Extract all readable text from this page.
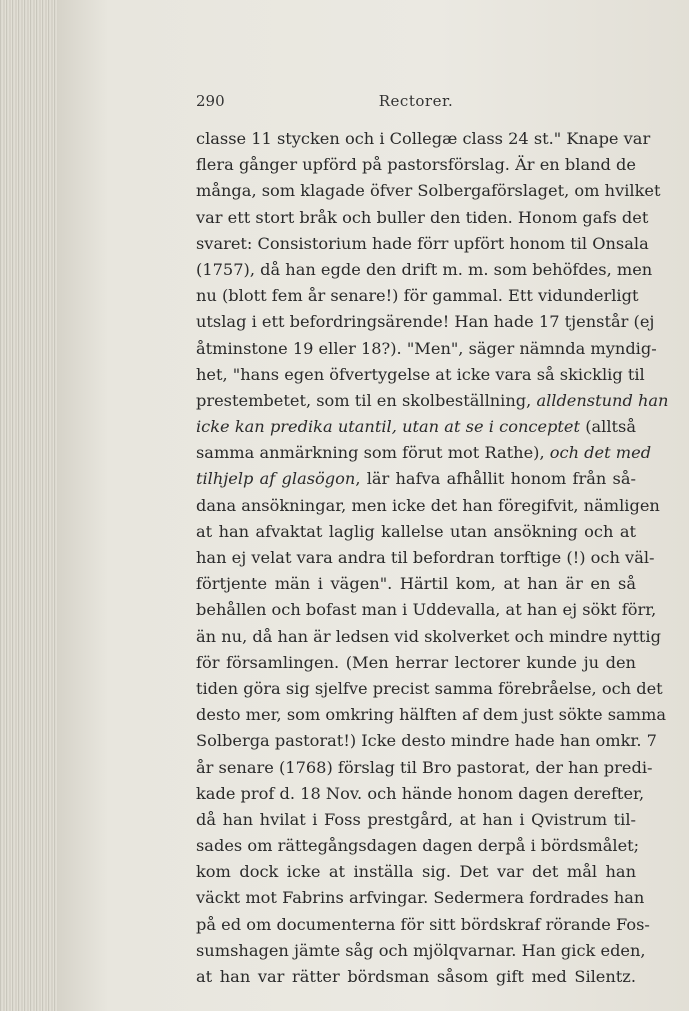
290	Rectorer.
classe 11 stycken och i Collegæ class 24 st." Knape var
flera gånger upförd på pastorsförslag. Är en bland de
många, som klagade öfver Solbergaförslaget, om hvilket
var ett stort bråk och buller den tiden. Honom gafs det
svaret: Consistorium hade förr upfört honom til Onsala
(1757), då han egde den drift m. m. som behöfdes, men
nu (blott fem år senare!) för gammal. Ett vidunderligt
utslag i ett befordringsärende! Han hade 17 tjenstår (ej
åtminstone 19 eller 18?). "Men", säger nämnda myndig-
het, "hans egen öfvertygelse at icke vara så skicklig til
prestembetet, som til en skolbeställning, alldenstund han
icke kan predika utantil, utan at se i conceptet (alltså
samma anmärkning som förut mot Rathe), och det med
tilhjelp af glasögon, lär hafva afhållit honom från så-
dana ansökningar, men icke det han föregifvit, nämligen
at han afvaktat laglig kallelse utan ansökning och at
han ej velat vara andra til befordran torftige (!) och väl-
förtjente män i vägen". Härtil kom, at han är en så
behållen och bofast man i Uddevalla, at han ej sökt förr,
än nu, då han är ledsen vid skolverket och mindre nyttig
för församlingen. (Men herrar lectorer kunde ju den
tiden göra sig sjelfve precist samma förebråelse, och det
desto mer, som omkring hälften af dem just sökte samma
Solberga pastorat!) Icke desto mindre hade han omkr. 7
år senare (1768) förslag til Bro pastorat, der han predi-
kade prof d. 18 Nov. och hände honom dagen derefter,
då han hvilat i Foss prestgård, at han i Qvistrum til-
sades om rättegångsdagen dagen derpå i bördsmålet;
kom dock icke at inställa sig. Det var det mål han
väckt mot Fabrins arfvingar. Sedermera fordrades han
på ed om documenterna för sitt bördskraf rörande Fos-
sumshagen jämte såg och mjölqvarnar. Han gick eden,
at han var rätter bördsman såsom gift med Silentz.
